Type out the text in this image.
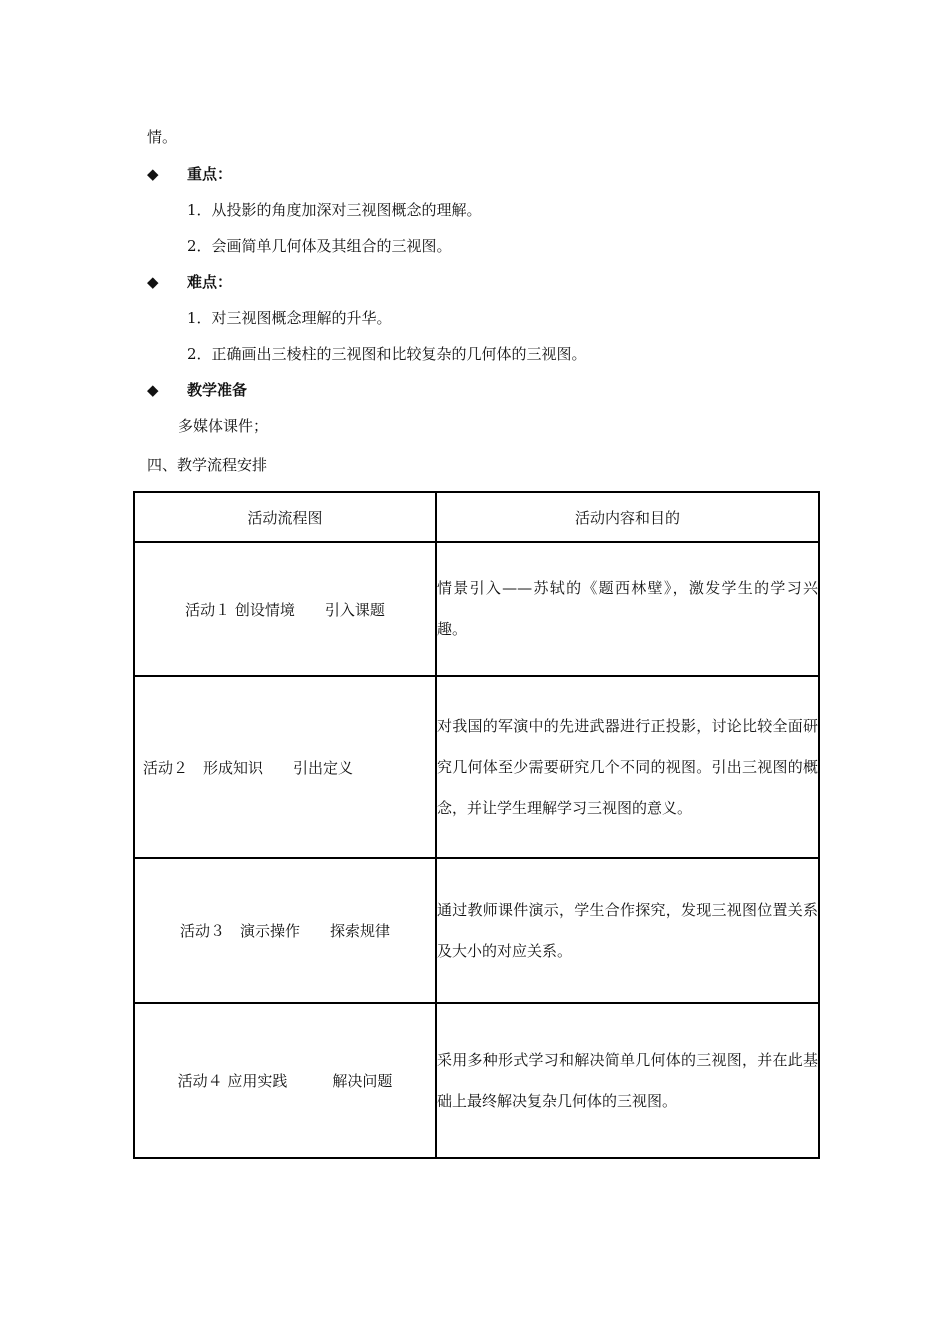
情。
◆ 重点：
1．从投影的角度加深对三视图概念的理解。
2．会画简单几何体及其组合的三视图。
◆ 难点：
1．对三视图概念理解的升华。
2．正确画出三棱柱的三视图和比较复杂的几何体的三视图。
◆ 教学准备
多媒体课件；
四、教学流程安排
活动流程图	活动内容和目的
活动１ 创设情境　　引入课题	情景引入——苏轼的《题西林壁》，激发学生的学习兴趣。
活动２　形成知识　　引出定义	对我国的军演中的先进武器进行正投影，讨论比较全面研究几何体至少需要研究几个不同的视图。引出三视图的概念，并让学生理解学习三视图的意义。
活动３　演示操作　　探索规律	通过教师课件演示，学生合作探究，发现三视图位置关系及大小的对应关系。
活动４ 应用实践　　　解决问题	采用多种形式学习和解决简单几何体的三视图，并在此基础上最终解决复杂几何体的三视图。
